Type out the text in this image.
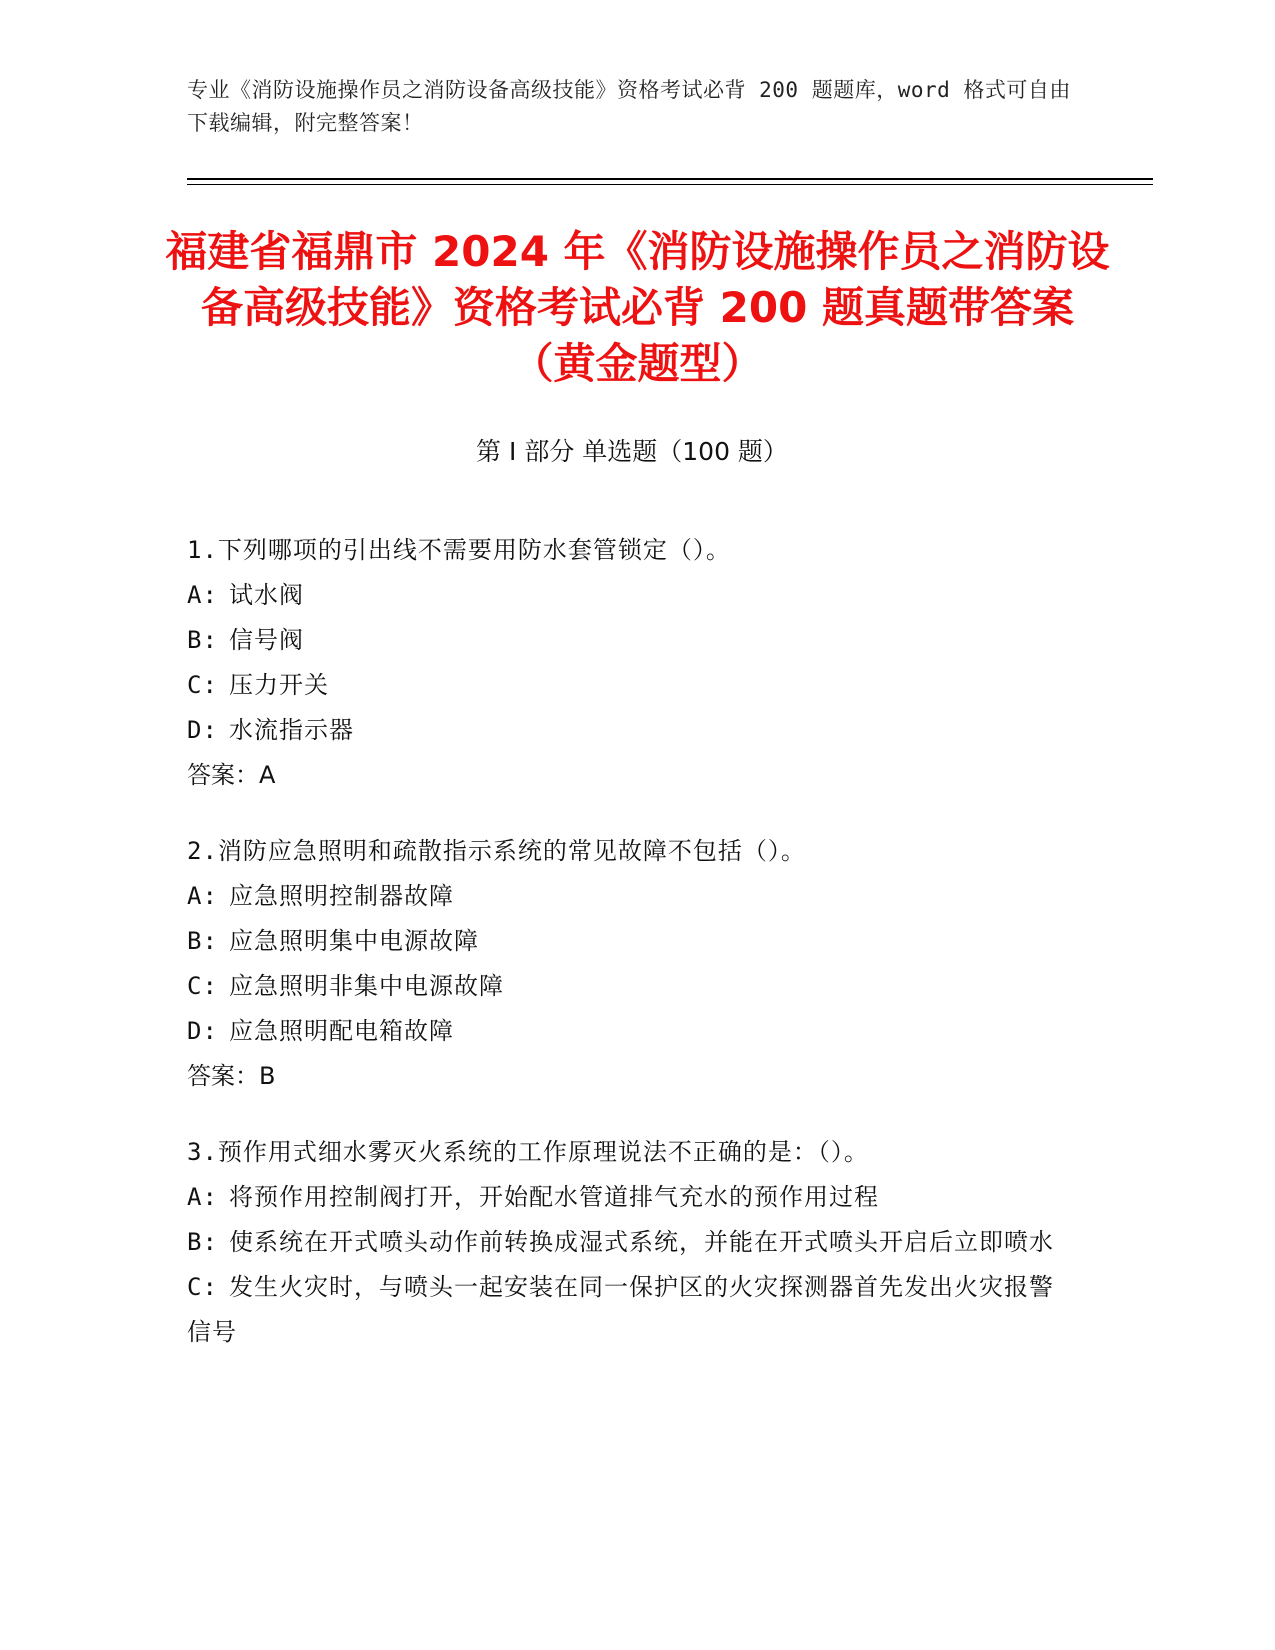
专业《消防设施操作员之消防设备高级技能》资格考试必背 200 题题库，word 格式可自由下载编辑，附完整答案！
福建省福鼎市 2024 年《消防设施操作员之消防设备高级技能》资格考试必背 200 题真题带答案（黄金题型）
第 I 部分 单选题（100 题）
1.下列哪项的引出线不需要用防水套管锁定（）。
A: 试水阀
B: 信号阀
C: 压力开关
D: 水流指示器
答案：A
2.消防应急照明和疏散指示系统的常见故障不包括（）。
A: 应急照明控制器故障
B: 应急照明集中电源故障
C: 应急照明非集中电源故障
D: 应急照明配电箱故障
答案：B
3.预作用式细水雾灭火系统的工作原理说法不正确的是：（）。
A: 将预作用控制阀打开，开始配水管道排气充水的预作用过程
B: 使系统在开式喷头动作前转换成湿式系统，并能在开式喷头开启后立即喷水
C: 发生火灾时，与喷头一起安装在同一保护区的火灾探测器首先发出火灾报警信号
